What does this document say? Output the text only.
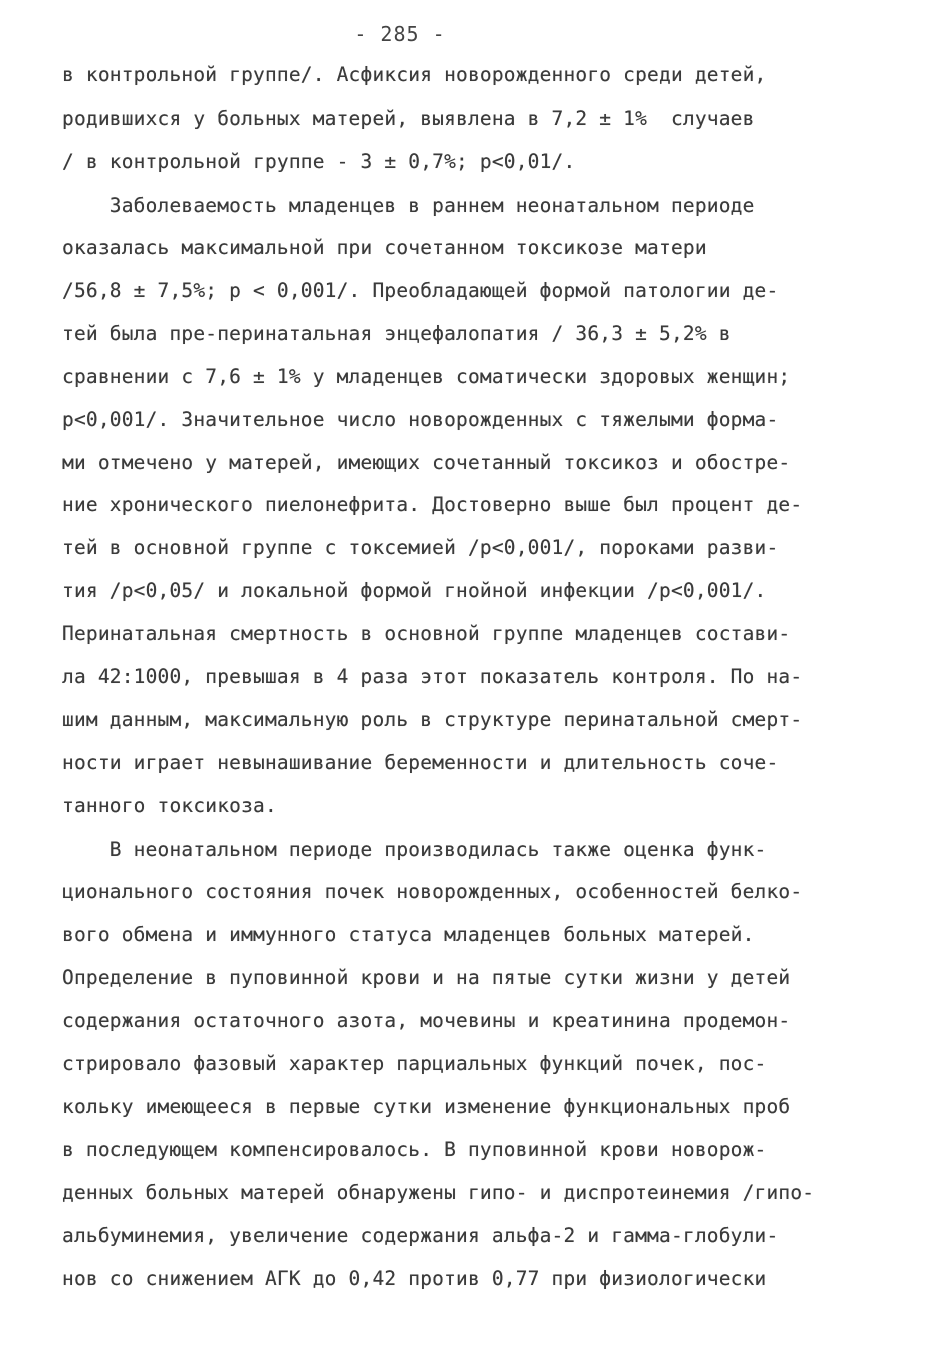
- 285 -
в контрольной группе/. Асфиксия новорожденного среди детей,
родившихся у больных матерей, выявлена в 7,2 ± 1%  случаев
/ в контрольной группе - 3 ± 0,7%; p<0,01/.
Заболеваемость младенцев в раннем неонатальном периоде
оказалась максимальной при сочетанном токсикозе матери
/56,8 ± 7,5%; p < 0,001/. Преобладающей формой патологии де-
тей была пре-перинатальная энцефалопатия / 36,3 ± 5,2% в
сравнении с 7,6 ± 1% у младенцев соматически здоровых женщин;
p<0,001/. Значительное число новорожденных с тяжелыми форма-
ми отмечено у матерей, имеющих сочетанный токсикоз и обостре-
ние хронического пиелонефрита. Достоверно выше был процент де-
тей в основной группе с токсемией /p<0,001/, пороками разви-
тия /p<0,05/ и локальной формой гнойной инфекции /p<0,001/.
Перинатальная смертность в основной группе младенцев состави-
ла 42:1000, превышая в 4 раза этот показатель контроля. По на-
шим данным, максимальную роль в структуре перинатальной смерт-
ности играет невынашивание беременности и длительность соче-
танного токсикоза.
В неонатальном периоде производилась также оценка функ-
ционального состояния почек новорожденных, особенностей белко-
вого обмена и иммунного статуса младенцев больных матерей.
Определение в пуповинной крови и на пятые сутки жизни у детей
содержания остаточного азота, мочевины и креатинина продемон-
стрировало фазовый характер парциальных функций почек, пос-
кольку имеющееся в первые сутки изменение функциональных проб
в последующем компенсировалось. В пуповинной крови новорож-
денных больных матерей обнаружены гипо- и диспротеинемия /гипо-
альбуминемия, увеличение содержания альфа-2 и гамма-глобули-
нов со снижением АГК до 0,42 против 0,77 при физиологически
